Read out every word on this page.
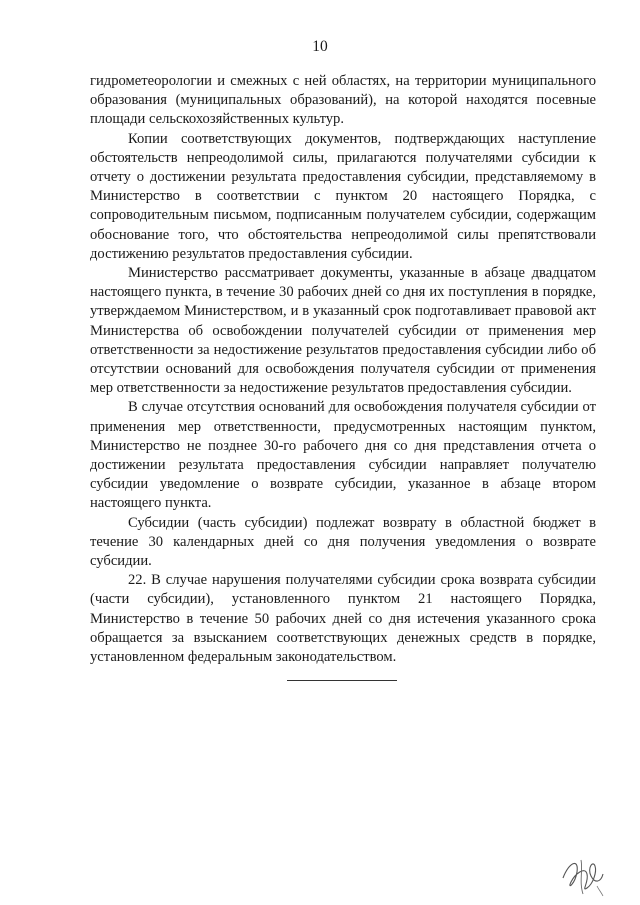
10

гидрометеорологии и смежных с ней областях, на территории муниципального образования (муниципальных образований), на которой находятся посевные площади сельскохозяйственных культур.

Копии соответствующих документов, подтверждающих наступление обстоятельств непреодолимой силы, прилагаются получателями субсидии к отчету о достижении результата предоставления субсидии, представляемому в Министерство в соответствии с пунктом 20 настоящего Порядка, с сопроводительным письмом, подписанным получателем субсидии, содержащим обоснование того, что обстоятельства непреодолимой силы препятствовали достижению результатов предоставления субсидии.

Министерство рассматривает документы, указанные в абзаце двадцатом настоящего пункта, в течение 30 рабочих дней со дня их поступления в порядке, утверждаемом Министерством, и в указанный срок подготавливает правовой акт Министерства об освобождении получателей субсидии от применения мер ответственности за недостижение результатов предоставления субсидии либо об отсутствии оснований для освобождения получателя субсидии от применения мер ответственности за недостижение результатов предоставления субсидии.

В случае отсутствия оснований для освобождения получателя субсидии от применения мер ответственности, предусмотренных настоящим пунктом, Министерство не позднее 30-го рабочего дня со дня представления отчета о достижении результата предоставления субсидии направляет получателю субсидии уведомление о возврате субсидии, указанное в абзаце втором настоящего пункта.

Субсидии (часть субсидии) подлежат возврату в областной бюджет в течение 30 календарных дней со дня получения уведомления о возврате субсидии.

22. В случае нарушения получателями субсидии срока возврата субсидии (части субсидии), установленного пунктом 21 настоящего Порядка, Министерство в течение 50 рабочих дней со дня истечения указанного срока обращается за взысканием соответствующих денежных средств в порядке, установленном федеральным законодательством.
